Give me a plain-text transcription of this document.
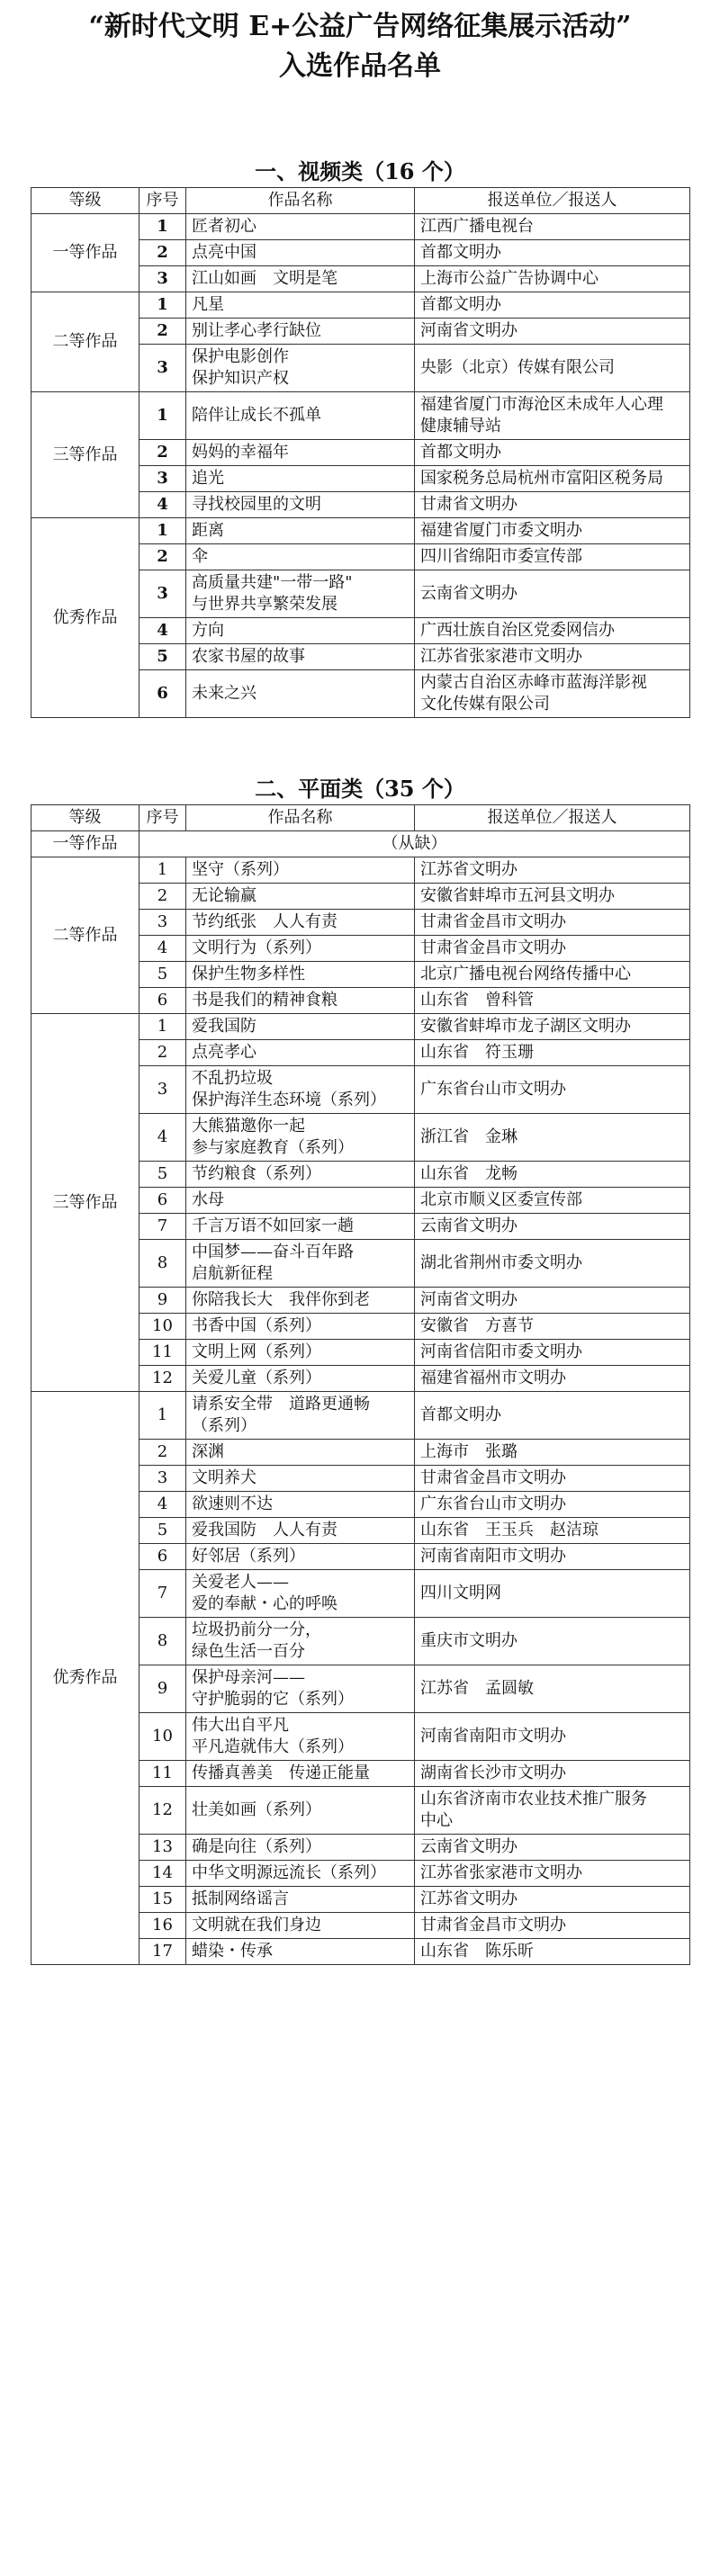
“新时代文明 E+公益广告网络征集展示活动”
入选作品名单
一、视频类（16 个）
等级	序号	作品名称	报送单位／报送人
一等作品	1	匠者初心	江西广播电视台

	2	点亮中国	首都文明办

	3	江山如画　文明是笔	上海市公益广告协调中心

二等作品	1	凡星	首都文明办

	2	别让孝心孝行缺位	河南省文明办

	3	保护电影创作
保护知识产权	央影（北京）传媒有限公司

三等作品	1	陪伴让成长不孤单	福建省厦门市海沧区未成年人心理
健康辅导站

	2	妈妈的幸福年	首都文明办

	3	追光	国家税务总局杭州市富阳区税务局

	4	寻找校园里的文明	甘肃省文明办

优秀作品	1	距离	福建省厦门市委文明办

	2	伞	四川省绵阳市委宣传部

	3	高质量共建"一带一路"
与世界共享繁荣发展	云南省文明办

	4	方向	广西壮族自治区党委网信办

	5	农家书屋的故事	江苏省张家港市文明办

	6	未来之兴	内蒙古自治区赤峰市蓝海洋影视
文化传媒有限公司
二、平面类（35 个）
等级	序号	作品名称	报送单位／报送人
一等作品	（从缺）		
二等作品	1	坚守（系列）	江苏省文明办

	2	无论输赢	安徽省蚌埠市五河县文明办

	3	节约纸张　人人有责	甘肃省金昌市文明办

	4	文明行为（系列）	甘肃省金昌市文明办

	5	保护生物多样性	北京广播电视台网络传播中心

	6	书是我们的精神食粮	山东省　曾科管

三等作品	1	爱我国防	安徽省蚌埠市龙子湖区文明办

	2	点亮孝心	山东省　符玉珊

	3	不乱扔垃圾
保护海洋生态环境（系列）	广东省台山市文明办

	4	大熊猫邀你一起
参与家庭教育（系列）	浙江省　金琳

	5	节约粮食（系列）	山东省　龙畅

	6	水母	北京市顺义区委宣传部

	7	千言万语不如回家一趟	云南省文明办

	8	中国梦——奋斗百年路
启航新征程	湖北省荆州市委文明办

	9	你陪我长大　我伴你到老	河南省文明办

	10	书香中国（系列）	安徽省　方喜节

	11	文明上网（系列）	河南省信阳市委文明办

	12	关爱儿童（系列）	福建省福州市文明办

优秀作品	1	请系安全带　道路更通畅
（系列）	首都文明办

	2	深渊	上海市　张璐

	3	文明养犬	甘肃省金昌市文明办

	4	欲速则不达	广东省台山市文明办

	5	爱我国防　人人有责	山东省　王玉兵　赵洁琼

	6	好邻居（系列）	河南省南阳市文明办

	7	关爱老人——
爱的奉献・心的呼唤	四川文明网

	8	垃圾扔前分一分，
绿色生活一百分	重庆市文明办

	9	保护母亲河——
守护脆弱的它（系列）	江苏省　孟圆敏

	10	伟大出自平凡
平凡造就伟大（系列）	河南省南阳市文明办

	11	传播真善美　传递正能量	湖南省长沙市文明办

	12	壮美如画（系列）	山东省济南市农业技术推广服务
中心

	13	确是向往（系列）	云南省文明办

	14	中华文明源远流长（系列）	江苏省张家港市文明办

	15	抵制网络谣言	江苏省文明办

	16	文明就在我们身边	甘肃省金昌市文明办

	17	蜡染・传承	山东省　陈乐昕
